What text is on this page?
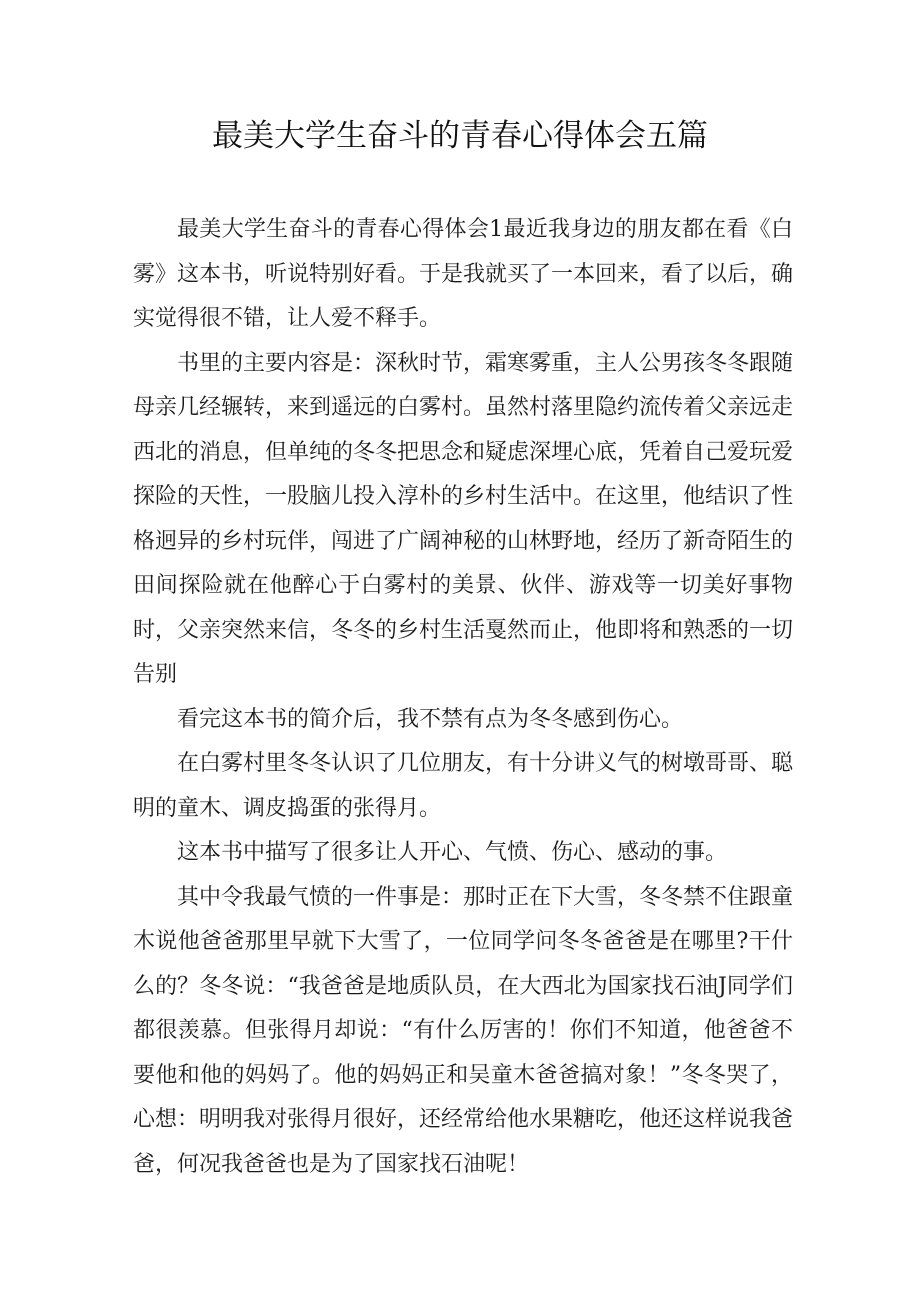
最美大学生奋斗的青春心得体会五篇

最美大学生奋斗的青春心得体会1最近我身边的朋友都在看《白雾》这本书，听说特别好看。于是我就买了一本回来，看了以后，确实觉得很不错，让人爱不释手。

书里的主要内容是：深秋时节，霜寒雾重，主人公男孩冬冬跟随母亲几经辗转，来到遥远的白雾村。虽然村落里隐约流传着父亲远走西北的消息，但单纯的冬冬把思念和疑虑深埋心底，凭着自己爱玩爱探险的天性，一股脑儿投入淳朴的乡村生活中。在这里，他结识了性格迥异的乡村玩伴，闯进了广阔神秘的山林野地，经历了新奇陌生的田间探险就在他醉心于白雾村的美景、伙伴、游戏等一切美好事物时，父亲突然来信，冬冬的乡村生活戛然而止，他即将和熟悉的一切告别

看完这本书的简介后，我不禁有点为冬冬感到伤心。

在白雾村里冬冬认识了几位朋友，有十分讲义气的树墩哥哥、聪明的童木、调皮捣蛋的张得月。

这本书中描写了很多让人开心、气愤、伤心、感动的事。

其中令我最气愤的一件事是：那时正在下大雪，冬冬禁不住跟童木说他爸爸那里早就下大雪了，一位同学问冬冬爸爸是在哪里?干什么的？冬冬说：“我爸爸是地质队员，在大西北为国家找石油J同学们都很羡慕。但张得月却说：“有什么厉害的！你们不知道，他爸爸不要他和他的妈妈了。他的妈妈正和吴童木爸爸搞对象！”冬冬哭了，心想：明明我对张得月很好，还经常给他水果糖吃，他还这样说我爸爸，何况我爸爸也是为了国家找石油呢！
